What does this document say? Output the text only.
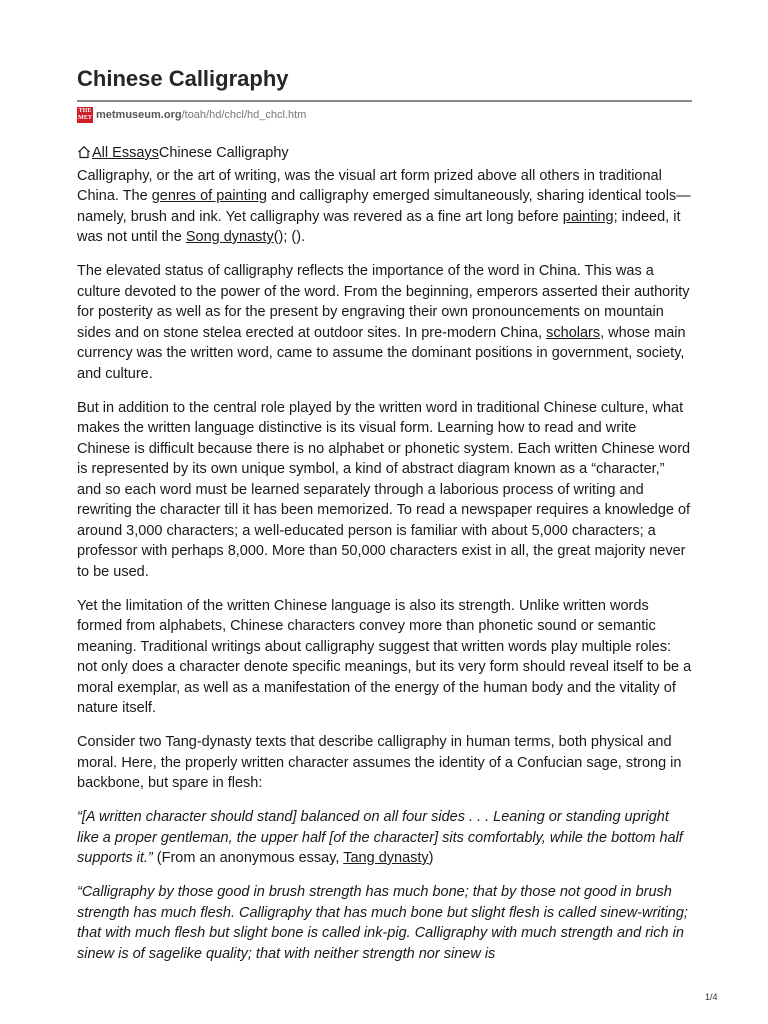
Chinese Calligraphy
THE
MET metmuseum.org /toah/hd/chcl/hd_chcl.htm
All EssaysChinese Calligraphy

Calligraphy, or the art of writing, was the visual art form prized above all others in traditional China. The genres of painting and calligraphy emerged simultaneously, sharing identical tools—namely, brush and ink. Yet calligraphy was revered as a fine art long before painting; indeed, it was not until the Song dynasty(); ().

The elevated status of calligraphy reflects the importance of the word in China. This was a culture devoted to the power of the word. From the beginning, emperors asserted their authority for posterity as well as for the present by engraving their own pronouncements on mountain sides and on stone stelea erected at outdoor sites. In pre-modern China, scholars, whose main currency was the written word, came to assume the dominant positions in government, society, and culture.

But in addition to the central role played by the written word in traditional Chinese culture, what makes the written language distinctive is its visual form. Learning how to read and write Chinese is difficult because there is no alphabet or phonetic system. Each written Chinese word is represented by its own unique symbol, a kind of abstract diagram known as a “character,” and so each word must be learned separately through a laborious process of writing and rewriting the character till it has been memorized. To read a newspaper requires a knowledge of around 3,000 characters; a well-educated person is familiar with about 5,000 characters; a professor with perhaps 8,000. More than 50,000 characters exist in all, the great majority never to be used.

Yet the limitation of the written Chinese language is also its strength. Unlike written words formed from alphabets, Chinese characters convey more than phonetic sound or semantic meaning. Traditional writings about calligraphy suggest that written words play multiple roles: not only does a character denote specific meanings, but its very form should reveal itself to be a moral exemplar, as well as a manifestation of the energy of the human body and the vitality of nature itself.

Consider two Tang-dynasty texts that describe calligraphy in human terms, both physical and moral. Here, the properly written character assumes the identity of a Confucian sage, strong in backbone, but spare in flesh:

“[A written character should stand] balanced on all four sides . . . Leaning or standing upright like a proper gentleman, the upper half [of the character] sits comfortably, while the bottom half supports it.” (From an anonymous essay, Tang dynasty)

“Calligraphy by those good in brush strength has much bone; that by those not good in brush strength has much flesh. Calligraphy that has much bone but slight flesh is called sinew-writing; that with much flesh but slight bone is called ink-pig. Calligraphy with much strength and rich in sinew is of sagelike quality; that with neither strength nor sinew is

1/4
